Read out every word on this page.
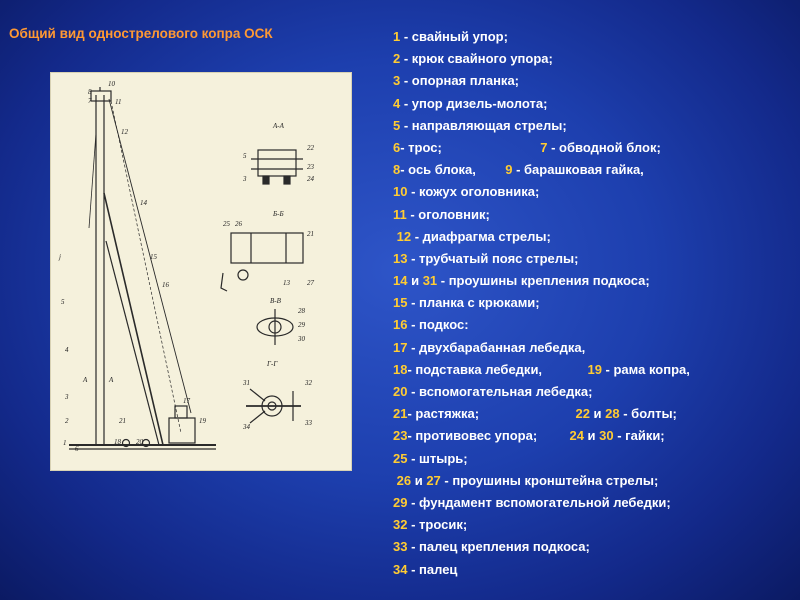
Общий вид однострелового копра ОСК
10
8
7	11
12
14
15
16
j
5
4
А	А
3
2
1
6
21
18 20
17
19
А-А
5
3
22
23
24
Б-Б
25 26
21
27
13
В-В
28
29
30
Г-Г
31	32
33
34
1 - свайный упор;
2 - крюк свайного упора;
3 - опорная планка;
4 - упор дизель-молота;
5 - направляющая стрелы;
6- трос;	7 - обводной блок;
8- ось блока, 9 - барашковая гайка,
10 - кожух оголовника;
11 - оголовник;
12 - диафрагма стрелы;
13 - трубчатый пояс стрелы;
14 и 31 - проушины крепления подкоса;
15 - планка с крюками;
16 - подкос:
17 - двухбарабанная лебедка,
18- подставка лебедки,	19 - рама копра,
20 - вспомогательная лебедка;
21- растяжка;	22 и 28 - болты;
23- противовес упора; 24 и 30 - гайки;
25 - штырь;
26 и 27 - проушины кронштейна стрелы;
29 - фундамент вспомогательной лебедки;
32 - тросик;
33 - палец крепления подкоса;
34 - палец
